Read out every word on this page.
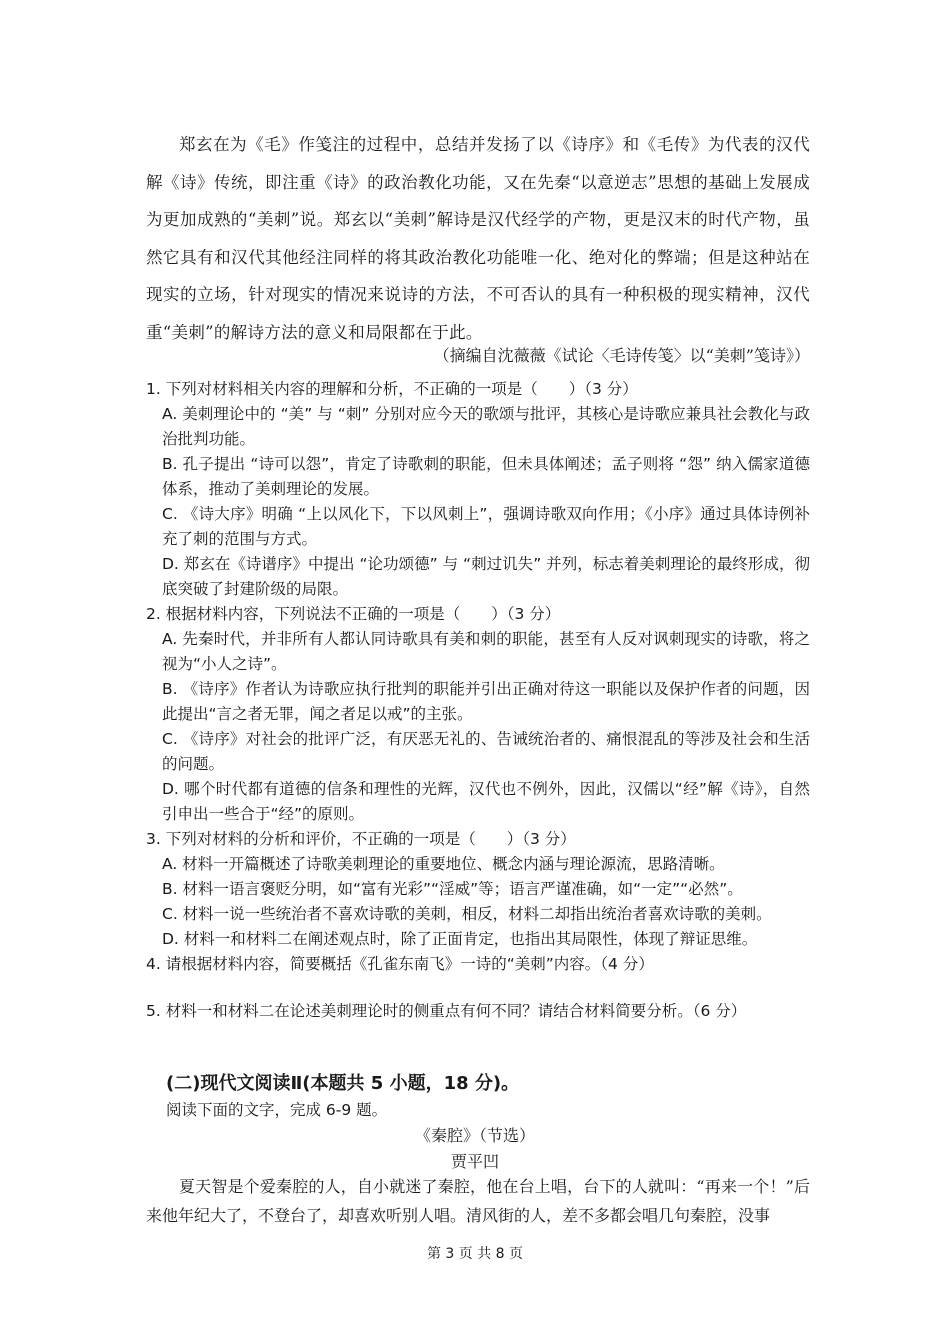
郑玄在为《毛》作笺注的过程中，总结并发扬了以《诗序》和《毛传》为代表的汉代解《诗》传统，即注重《诗》的政治教化功能，又在先秦“以意逆志”思想的基础上发展成为更加成熟的“美刺”说。郑玄以“美刺”解诗是汉代经学的产物，更是汉末的时代产物，虽然它具有和汉代其他经注同样的将其政治教化功能唯一化、绝对化的弊端；但是这种站在现实的立场，针对现实的情况来说诗的方法，不可否认的具有一种积极的现实精神，汉代重“美刺”的解诗方法的意义和局限都在于此。

（摘编自沈薇薇《试论〈毛诗传笺〉以“美刺”笺诗》）
1. 下列对材料相关内容的理解和分析，不正确的一项是（　　）（3 分）
A. 美刺理论中的 “美” 与 “刺” 分别对应今天的歌颂与批评，其核心是诗歌应兼具社会教化与政治批判功能。
B. 孔子提出 “诗可以怨”，肯定了诗歌刺的职能，但未具体阐述；孟子则将 “怨” 纳入儒家道德体系，推动了美刺理论的发展。
C. 《诗大序》明确 “上以风化下，下以风刺上”，强调诗歌双向作用；《小序》通过具体诗例补充了刺的范围与方式。
D. 郑玄在《诗谱序》中提出 “论功颂德” 与 “刺过讥失” 并列，标志着美刺理论的最终形成，彻底突破了封建阶级的局限。
2. 根据材料内容，下列说法不正确的一项是（　　）（3 分）
A. 先秦时代，并非所有人都认同诗歌具有美和刺的职能，甚至有人反对讽刺现实的诗歌，将之视为“小人之诗”。
B. 《诗序》作者认为诗歌应执行批判的职能并引出正确对待这一职能以及保护作者的问题，因此提出“言之者无罪，闻之者足以戒”的主张。
C. 《诗序》对社会的批评广泛，有厌恶无礼的、告诫统治者的、痛恨混乱的等涉及社会和生活的问题。
D. 哪个时代都有道德的信条和理性的光辉，汉代也不例外，因此，汉儒以“经”解《诗》，自然引申出一些合于“经”的原则。
3. 下列对材料的分析和评价，不正确的一项是（　　）（3 分）
A. 材料一开篇概述了诗歌美刺理论的重要地位、概念内涵与理论源流，思路清晰。
B. 材料一语言褒贬分明，如“富有光彩”“淫威”等；语言严谨准确，如“一定”“必然”。
C. 材料一说一些统治者不喜欢诗歌的美刺，相反，材料二却指出统治者喜欢诗歌的美刺。
D. 材料一和材料二在阐述观点时，除了正面肯定，也指出其局限性，体现了辩证思维。
4. 请根据材料内容，简要概括《孔雀东南飞》一诗的“美刺”内容。（4 分）
5. 材料一和材料二在论述美刺理论时的侧重点有何不同？请结合材料简要分析。（6 分）
(二)现代文阅读Ⅱ(本题共 5 小题，18 分)。
阅读下面的文字，完成 6-9 题。
《秦腔》（节选）
贾平凹

夏天智是个爱秦腔的人，自小就迷了秦腔，他在台上唱，台下的人就叫：“再来一个！”后来他年纪大了，不登台了，却喜欢听别人唱。清风街的人，差不多都会唱几句秦腔，没事

第 3 页 共 8 页
